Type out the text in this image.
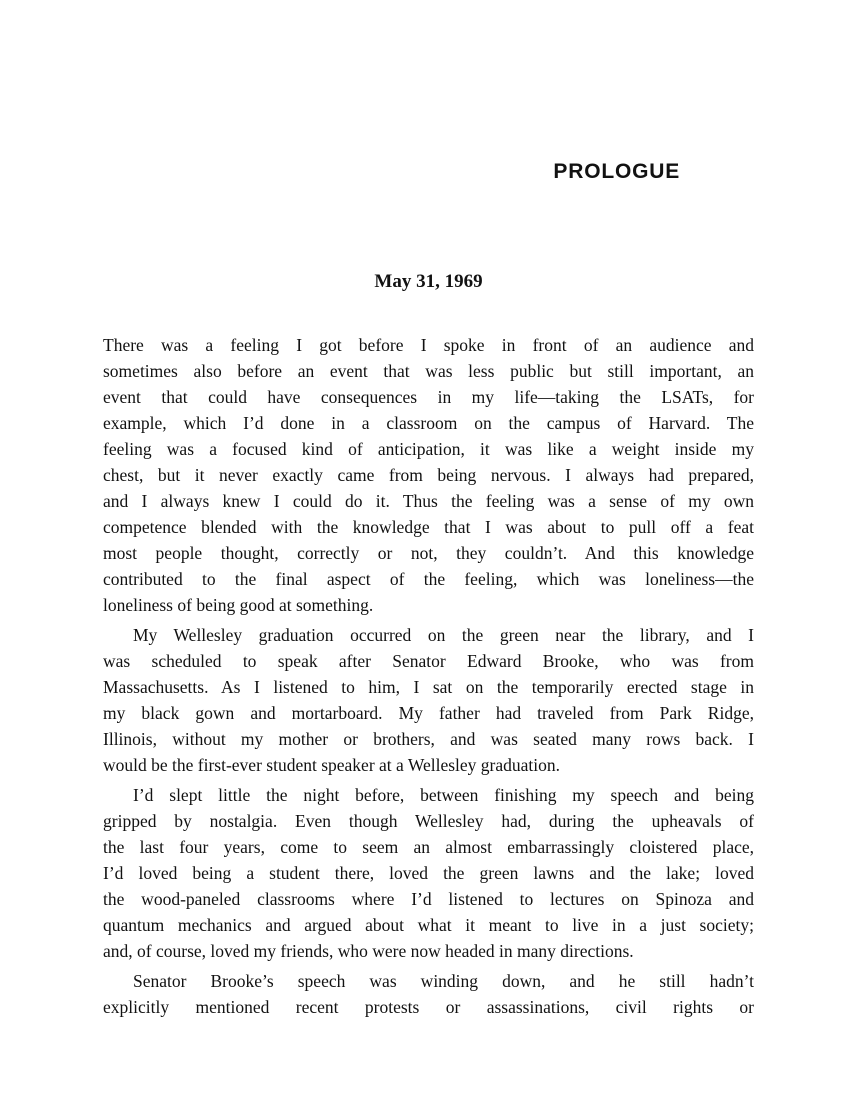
PROLOGUE
May 31, 1969
There was a feeling I got before I spoke in front of an audience and
sometimes also before an event that was less public but still important, an
event that could have consequences in my life—taking the LSATs, for
example, which I’d done in a classroom on the campus of Harvard. The
feeling was a focused kind of anticipation, it was like a weight inside my
chest, but it never exactly came from being nervous. I always had prepared,
and I always knew I could do it. Thus the feeling was a sense of my own
competence blended with the knowledge that I was about to pull off a feat
most people thought, correctly or not, they couldn’t. And this knowledge
contributed to the final aspect of the feeling, which was loneliness—the
loneliness of being good at something.
My Wellesley graduation occurred on the green near the library, and I
was scheduled to speak after Senator Edward Brooke, who was from
Massachusetts. As I listened to him, I sat on the temporarily erected stage in
my black gown and mortarboard. My father had traveled from Park Ridge,
Illinois, without my mother or brothers, and was seated many rows back. I
would be the first-ever student speaker at a Wellesley graduation.
I’d slept little the night before, between finishing my speech and being
gripped by nostalgia. Even though Wellesley had, during the upheavals of
the last four years, come to seem an almost embarrassingly cloistered place,
I’d loved being a student there, loved the green lawns and the lake; loved
the wood-paneled classrooms where I’d listened to lectures on Spinoza and
quantum mechanics and argued about what it meant to live in a just society;
and, of course, loved my friends, who were now headed in many directions.
Senator Brooke’s speech was winding down, and he still hadn’t
explicitly mentioned recent protests or assassinations, civil rights or
